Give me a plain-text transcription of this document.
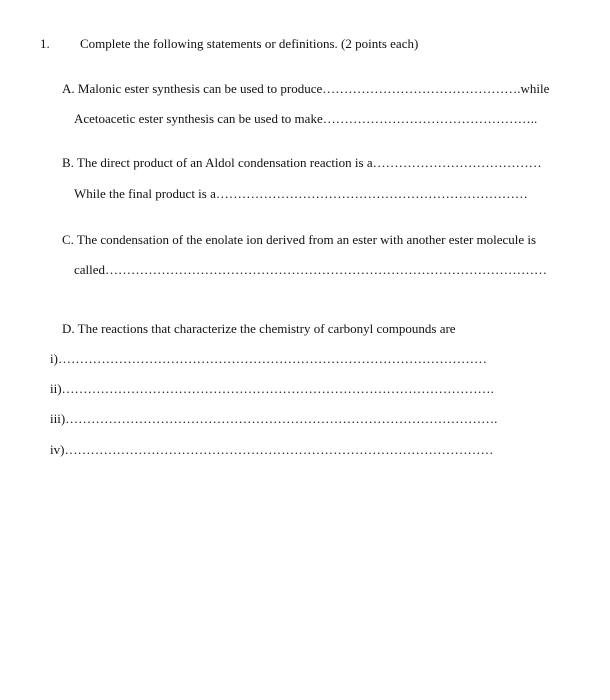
1. Complete the following statements or definitions. (2 points each)
A. Malonic ester synthesis can be used to produce……………………………………….while
Acetoacetic ester synthesis can be used to make…………………………………………..
B. The direct product of an Aldol condensation reaction is a…………………………………
While the final product is a………………………………………………………………
C. The condensation of the enolate ion derived from an ester with another ester molecule is
called…………………………………………………………………………………………
D. The reactions that characterize the chemistry of carbonyl compounds are
i)………………………………………………………………………………………
ii)……………………………………………………………………………………….
iii)……………………………………………………………………………………….
iv)………………………………………………………………………………………
